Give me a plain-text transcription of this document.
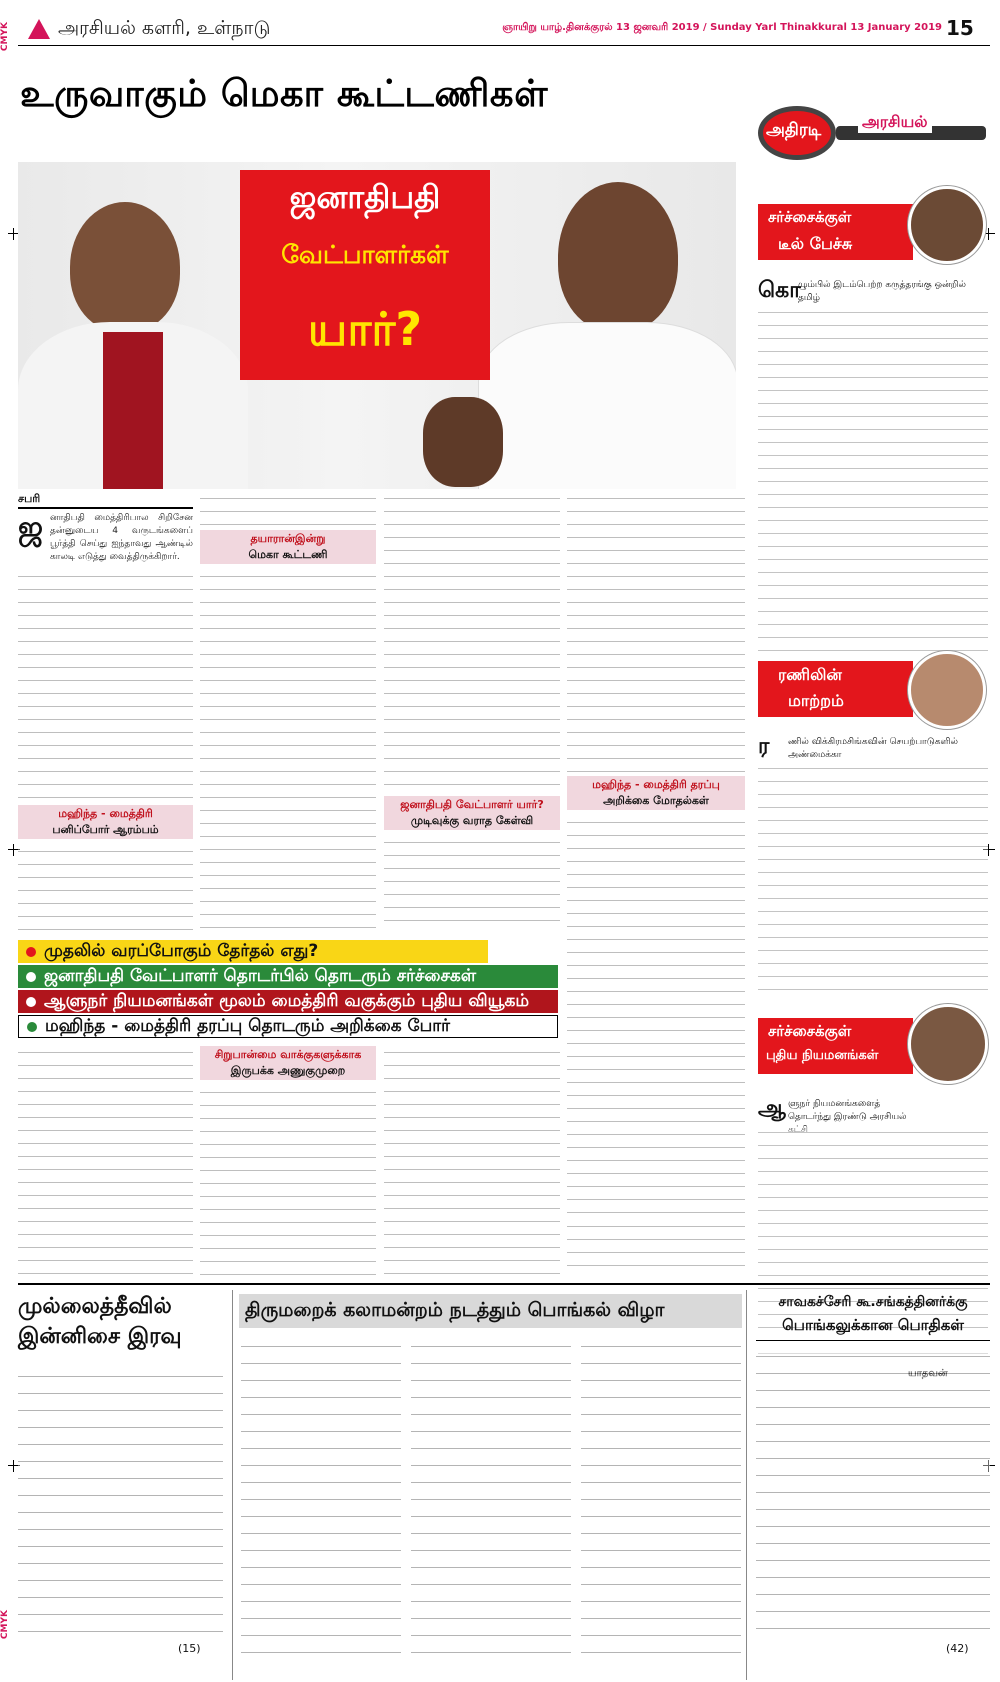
CMYK
CMYK
அரசியல் களரி, உள்நாடு	ஞாயிறு யாழ்.தினக்குரல் 13 ஜனவரி 2019 / Sunday Yarl Thinakkural 13 January 2019 15
உருவாகும் மெகா கூட்டணிகள்
ஜனாதிபதி
வேட்பாளர்கள்
யார்?
அதிரடி	அரசியல்
சர்ச்சைக்குள்
டீல் பேச்சு
கொ
ழும்பில் இடம்பெற்ற கருத்தரங்கு ஒன்றில் தமிழ்
ரணிலின்
மாற்றம்
ர ணில் விக்கிரமசிங்கவின் செயற்பாடுகளில் அண்மைக்கா
சர்ச்சைக்குள்
புதிய நியமனங்கள்
ஆ ளுநர் நியமனங்களைத் தொடர்ந்து இரண்டு அரசியல் கட்சி
யாதவன்
சபரி
ஜ னாதிபதி மைத்திரிபால சிறிசேன தன்னுடைய 4 வருடங்களைப் பூர்த்தி செய்து ஐந்தாவது ஆண்டில் காலடி எடுத்து வைத்திருக்கிறார்.
மஹிந்த - மைத்திரி
பனிப்போர் ஆரம்பம்
தயாரான்இன்று
மெகா கூட்டணி
ஜனாதிபதி வேட்பாளர் யார்?
முடிவுக்கு வராத கேள்வி
மஹிந்த - மைத்திரி தரப்பு
அறிக்கை மோதல்கள்
முதலில் வரப்போகும் தேர்தல் எது?
ஜனாதிபதி வேட்பாளர் தொடர்பில் தொடரும் சர்ச்சைகள்
ஆளுநர் நியமனங்கள் மூலம் மைத்திரி வகுக்கும் புதிய வியூகம்
மஹிந்த - மைத்திரி தரப்பு தொடரும் அறிக்கை போர்
சிறுபான்மை வாக்குகளுக்காக
இருபக்க அணுகுமுறை
முல்லைத்தீவில்
இன்னிசை இரவு
(15)
திருமறைக் கலாமன்றம் நடத்தும் பொங்கல் விழா	சாவகச்சேரி கூ.சங்கத்தினர்க்கு
பொங்கலுக்கான பொதிகள்
(42)
